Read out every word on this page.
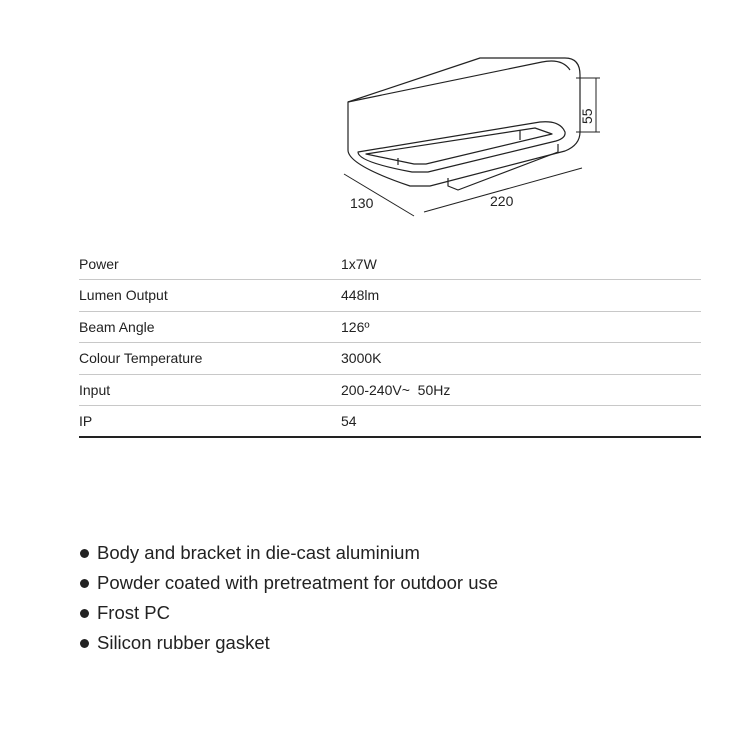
55
130	220
Power	1x7W
Lumen Output	448lm
Beam Angle	126º
Colour Temperature	3000K
Input	200-240V~  50Hz
IP	54
Body and bracket in die-cast aluminium
Powder coated with pretreatment for outdoor use
Frost PC
Silicon rubber gasket
